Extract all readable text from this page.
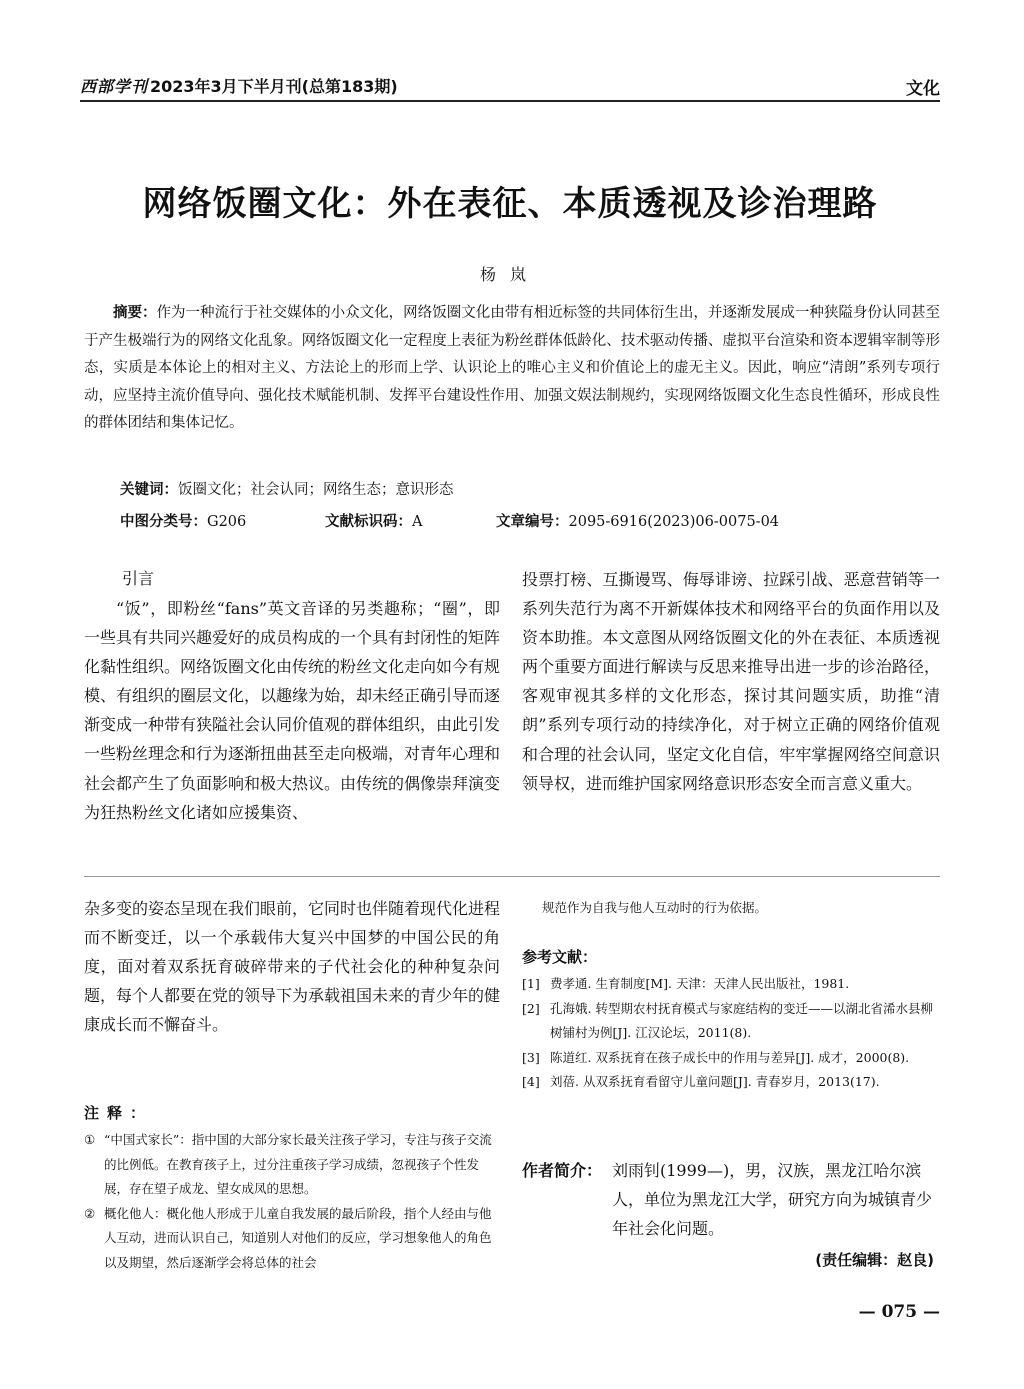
西部学刊 2023年3月下半月刊(总第183期)	文化
网络饭圈文化：外在表征、本质透视及诊治理路
杨岚
摘要：作为一种流行于社交媒体的小众文化，网络饭圈文化由带有相近标签的共同体衍生出，并逐渐发展成一种狭隘身份认同甚至于产生极端行为的网络文化乱象。网络饭圈文化一定程度上表征为粉丝群体低龄化、技术驱动传播、虚拟平台渲染和资本逻辑宰制等形态，实质是本体论上的相对主义、方法论上的形而上学、认识论上的唯心主义和价值论上的虚无主义。因此，响应“清朗”系列专项行动，应坚持主流价值导向、强化技术赋能机制、发挥平台建设性作用、加强文娱法制规约，实现网络饭圈文化生态良性循环，形成良性的群体团结和集体记忆。
关键词：饭圈文化；社会认同；网络生态；意识形态
中图分类号：G206	文献标识码：A	文章编号：2095-6916(2023)06-0075-04
引言
“饭”，即粉丝“fans”英文音译的另类趣称；“圈”，即一些具有共同兴趣爱好的成员构成的一个具有封闭性的矩阵化黏性组织。网络饭圈文化由传统的粉丝文化走向如今有规模、有组织的圈层文化，以趣缘为始，却未经正确引导而逐渐变成一种带有狭隘社会认同价值观的群体组织，由此引发一些粉丝理念和行为逐渐扭曲甚至走向极端，对青年心理和社会都产生了负面影响和极大热议。由传统的偶像崇拜演变为狂热粉丝文化诸如应援集资、
投票打榜、互撕谩骂、侮辱诽谤、拉踩引战、恶意营销等一系列失范行为离不开新媒体技术和网络平台的负面作用以及资本助推。本文意图从网络饭圈文化的外在表征、本质透视两个重要方面进行解读与反思来推导出进一步的诊治路径，客观审视其多样的文化形态，探讨其问题实质，助推“清朗”系列专项行动的持续净化，对于树立正确的网络价值观和合理的社会认同，坚定文化自信，牢牢掌握网络空间意识领导权，进而维护国家网络意识形态安全而言意义重大。
杂多变的姿态呈现在我们眼前，它同时也伴随着现代化进程而不断变迁，以一个承载伟大复兴中国梦的中国公民的角度，面对着双系抚育破碎带来的子代社会化的种种复杂问题，每个人都要在党的领导下为承载祖国未来的青少年的健康成长而不懈奋斗。
注释：
① “中国式家长”：指中国的大部分家长最关注孩子学习，专注与孩子交流的比例低。在教育孩子上，过分注重孩子学习成绩，忽视孩子个性发展，存在望子成龙、望女成凤的思想。
② 概化他人：概化他人形成于儿童自我发展的最后阶段，指个人经由与他人互动，进而认识自己，知道别人对他们的反应，学习想象他人的角色以及期望，然后逐渐学会将总体的社会
规范作为自我与他人互动时的行为依据。
参考文献：
[1] 费孝通. 生育制度[M]. 天津：天津人民出版社，1981.
[2] 孔海娥. 转型期农村抚育模式与家庭结构的变迁——以湖北省浠水县柳树铺村为例[J]. 江汉论坛，2011(8).
[3] 陈道红. 双系抚育在孩子成长中的作用与差异[J]. 成才，2000(8).
[4] 刘蓓. 从双系抚育看留守儿童问题[J]. 青春岁月，2013(17).
作者简介： 刘雨钊(1999—)，男，汉族，黑龙江哈尔滨人，单位为黑龙江大学，研究方向为城镇青少年社会化问题。
(责任编辑：赵良)
— 075 —
